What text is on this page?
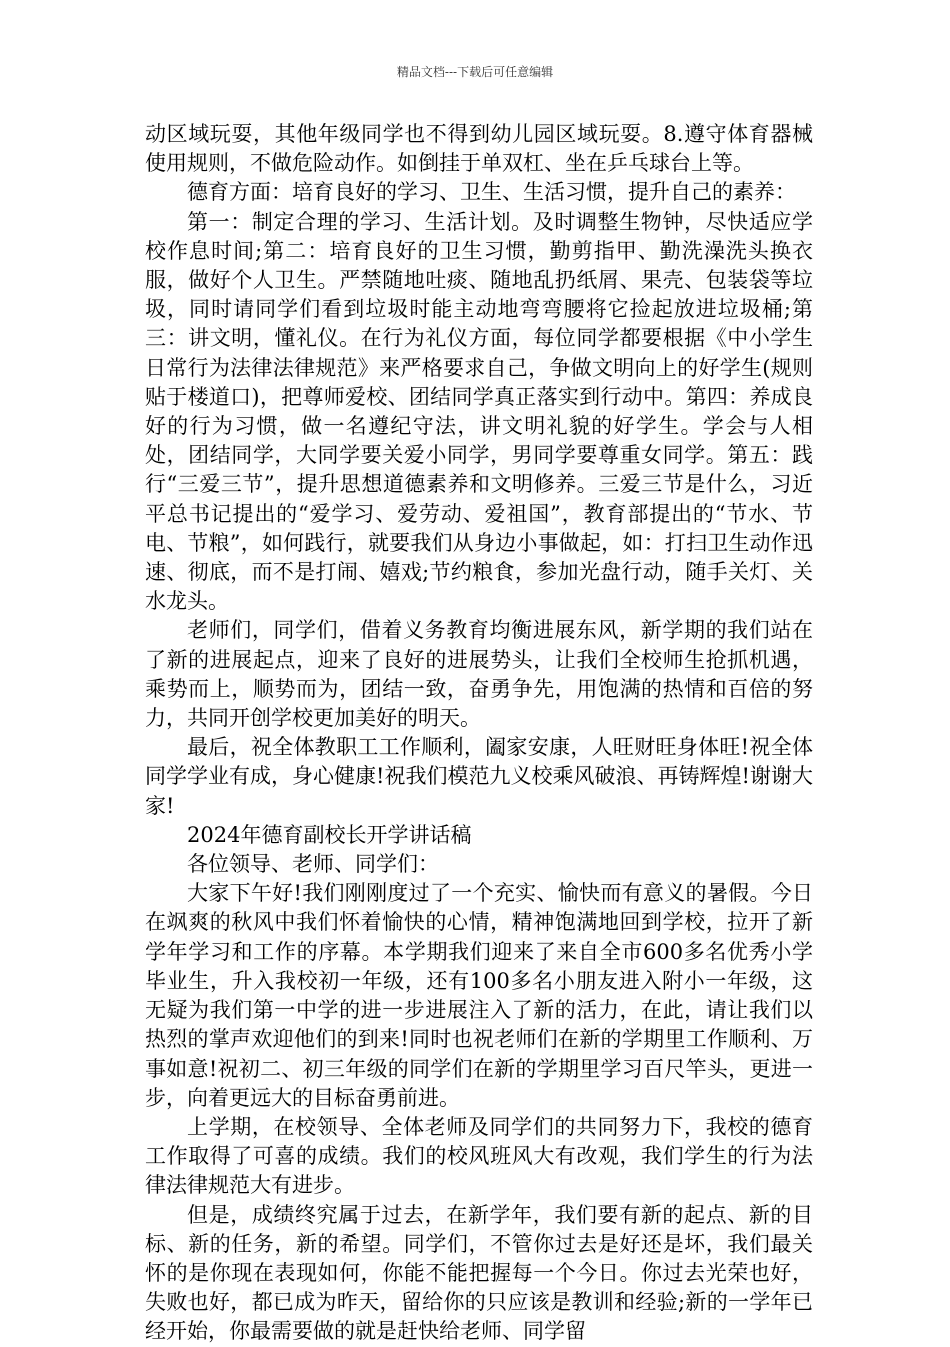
精品文档---下载后可任意编辑

动区域玩耍，其他年级同学也不得到幼儿园区域玩耍。8.遵守体育器械使用规则，不做危险动作。如倒挂于单双杠、坐在乒乓球台上等。

德育方面：培育良好的学习、卫生、生活习惯，提升自己的素养：

第一：制定合理的学习、生活计划。及时调整生物钟，尽快适应学校作息时间;第二：培育良好的卫生习惯，勤剪指甲、勤洗澡洗头换衣服，做好个人卫生。严禁随地吐痰、随地乱扔纸屑、果壳、包装袋等垃圾，同时请同学们看到垃圾时能主动地弯弯腰将它捡起放进垃圾桶;第三：讲文明，懂礼仪。在行为礼仪方面，每位同学都要根据《中小学生日常行为法律法律规范》来严格要求自己，争做文明向上的好学生(规则贴于楼道口)，把尊师爱校、团结同学真正落实到行动中。第四：养成良好的行为习惯，做一名遵纪守法，讲文明礼貌的好学生。学会与人相处，团结同学，大同学要关爱小同学，男同学要尊重女同学。第五：践行“三爱三节”，提升思想道德素养和文明修养。三爱三节是什么，习近平总书记提出的“爱学习、爱劳动、爱祖国”，教育部提出的“节水、节电、节粮”，如何践行，就要我们从身边小事做起，如：打扫卫生动作迅速、彻底，而不是打闹、嬉戏;节约粮食，参加光盘行动，随手关灯、关水龙头。

老师们，同学们，借着义务教育均衡进展东风，新学期的我们站在了新的进展起点，迎来了良好的进展势头，让我们全校师生抢抓机遇，乘势而上，顺势而为，团结一致，奋勇争先，用饱满的热情和百倍的努力，共同开创学校更加美好的明天。

最后，祝全体教职工工作顺利，阖家安康，人旺财旺身体旺!祝全体同学学业有成，身心健康!祝我们模范九义校乘风破浪、再铸辉煌!谢谢大家!

2024年德育副校长开学讲话稿

各位领导、老师、同学们：

大家下午好!我们刚刚度过了一个充实、愉快而有意义的暑假。今日在飒爽的秋风中我们怀着愉快的心情，精神饱满地回到学校，拉开了新学年学习和工作的序幕。本学期我们迎来了来自全市600多名优秀小学毕业生，升入我校初一年级，还有100多名小朋友进入附小一年级，这无疑为我们第一中学的进一步进展注入了新的活力，在此，请让我们以热烈的掌声欢迎他们的到来!同时也祝老师们在新的学期里工作顺利、万事如意!祝初二、初三年级的同学们在新的学期里学习百尺竿头，更进一步，向着更远大的目标奋勇前进。

上学期，在校领导、全体老师及同学们的共同努力下，我校的德育工作取得了可喜的成绩。我们的校风班风大有改观，我们学生的行为法律法律规范大有进步。

但是，成绩终究属于过去，在新学年，我们要有新的起点、新的目标、新的任务，新的希望。同学们，不管你过去是好还是坏，我们最关怀的是你现在表现如何，你能不能把握每一个今日。你过去光荣也好，失败也好，都已成为昨天，留给你的只应该是教训和经验;新的一学年已经开始，你最需要做的就是赶快给老师、同学留
